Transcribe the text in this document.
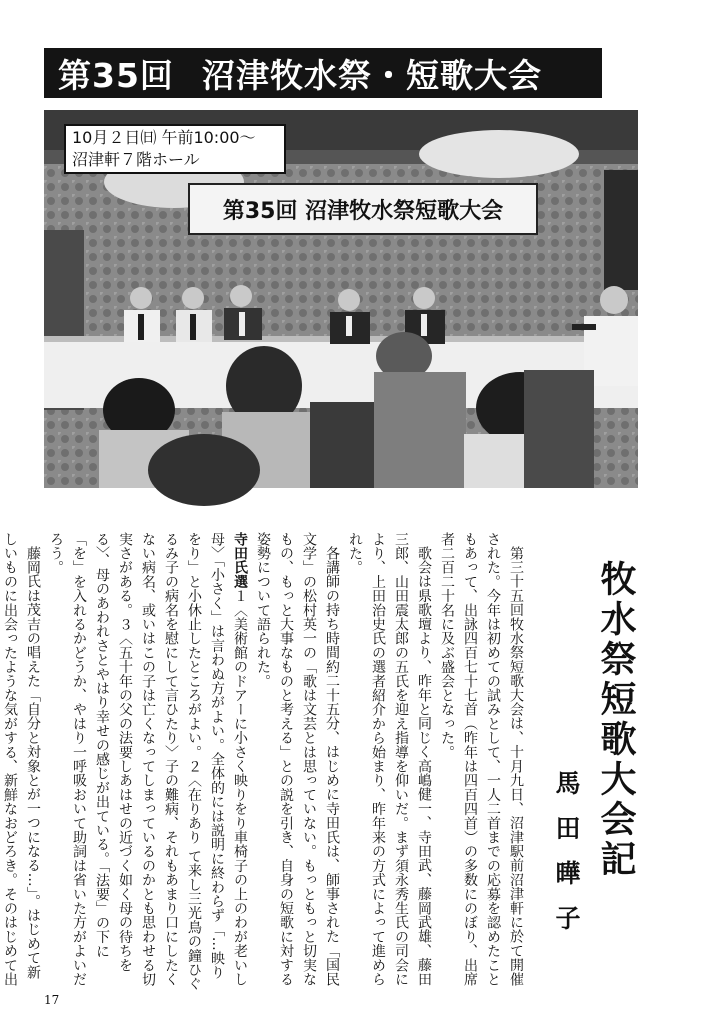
第35回 沼津牧水祭・短歌大会
第35回 沼津牧水祭短歌大会
10月２日㈰ 午前10:00～
沼津軒７階ホール
牧水祭短歌大会記
馬田曄子

第三十五回牧水祭短歌大会は、十月九日、沼津駅前沼津軒に於て開催された。今年は初めての試みとして、一人二首までの応募を認めたこともあって、出詠四百七十七首（昨年は四百四首）の多数にのぼり、出席者二百二十名に及ぶ盛会となった。

歌会は県歌壇より、昨年と同じく高嶋健一、寺田武、藤岡武雄、藤田三郎、山田震太郎の五氏を迎え指導を仰いだ。まず須永秀生氏の司会により、上田治史氏の選者紹介から始まり、昨年来の方式によって進められた。

各講師の持ち時間約二十五分、はじめに寺田氏は、師事された「国民文学」の松村英一の「歌は文芸とは思っていない。もっともっと切実なもの、もっと大事なものと考える」との説を引き、自身の短歌に対する姿勢について語られた。

寺田氏選１〈美術館のドアーに小さく映りをり車椅子の上のわが老いし母〉「小さく」は言わぬ方がよい。全体的には説明に終わらず「…映りをり」と小休止したところがよい。２〈在りあり て来し三光鳥の鐘ひぐるみ子の病名を慰にして言ひたり〉子の難病、それもあまり口にしたくない病名、或いはこの子は亡くなってしまっているのかとも思わせる切実さがある。３〈五十年の父の法要しあはせの近づく如く母の待ちをる〉、母のあわれさとやはり幸せの感じが出ている。「法要」の下に「を」を入れるかどうか、やはり一呼吸おいて助詞は省いた方がよいだろう。

藤岡氏は茂吉の唱えた「自分と対象とが一つになる…」。はじめて新しいものに出会ったような気がする、新鮮なおどろき。そのはじめて出

17
